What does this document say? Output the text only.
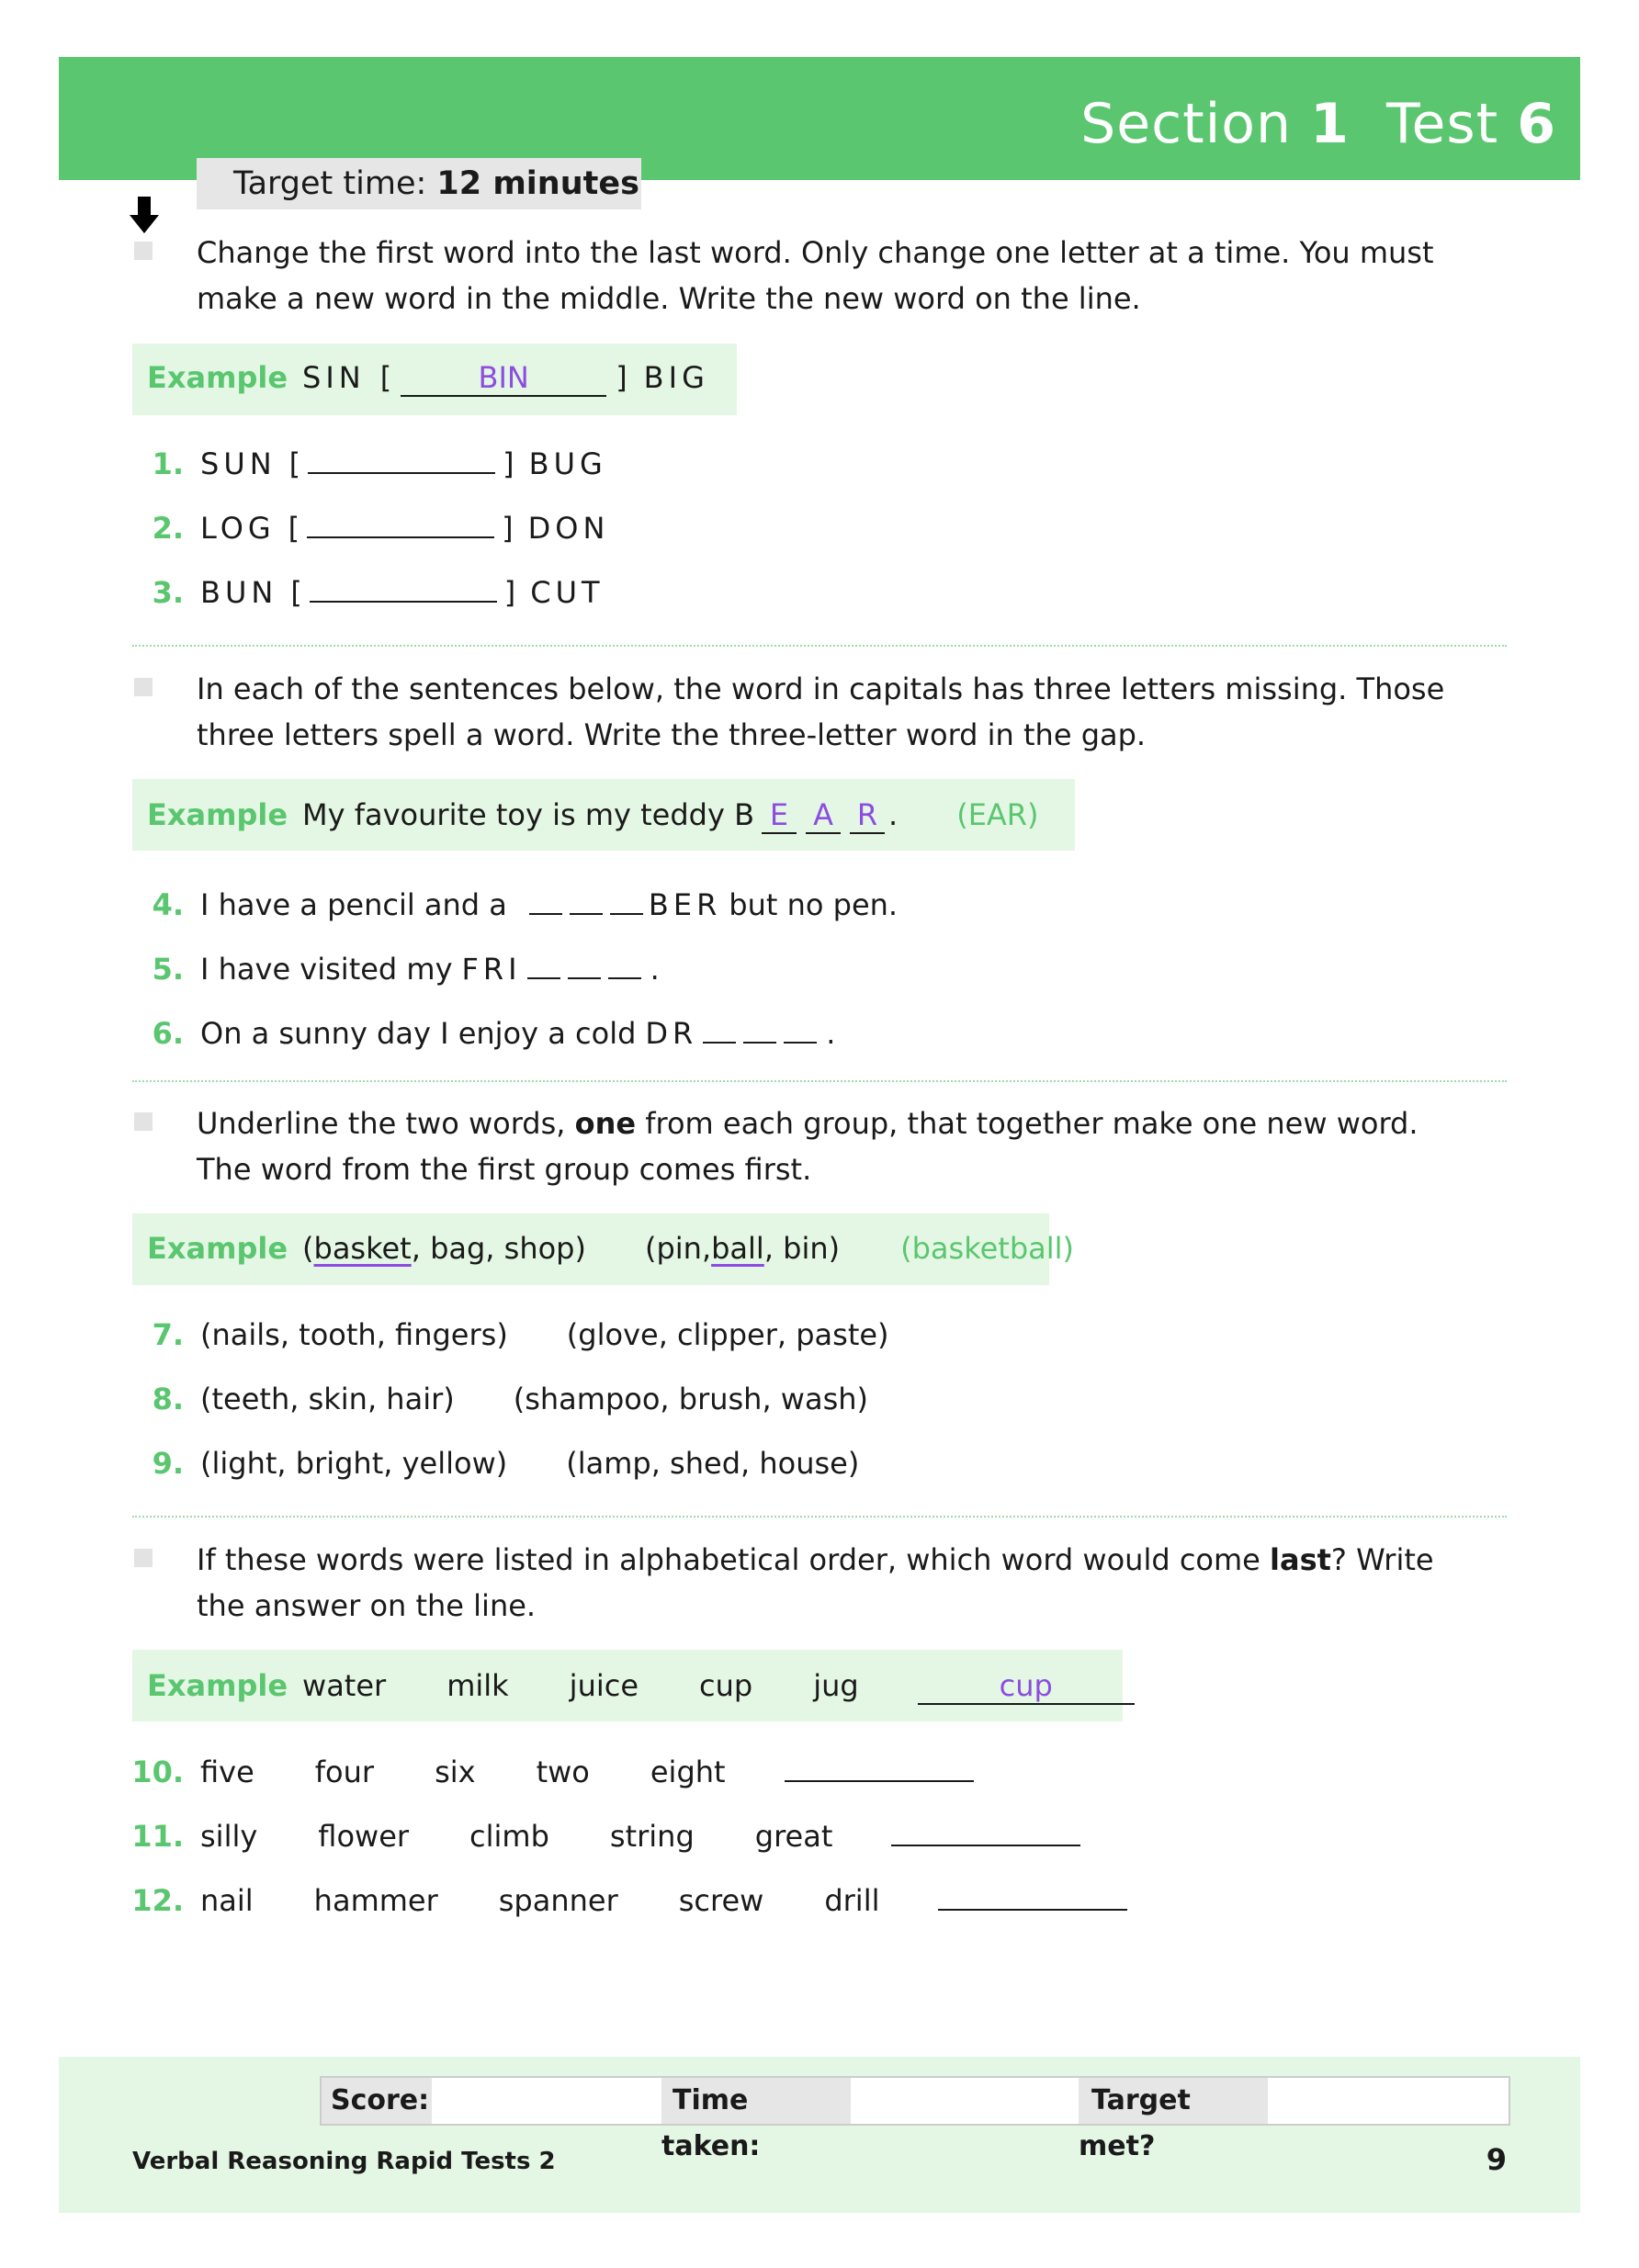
Section 1 Test 6
Target time: 12 minutes
Change the first word into the last word. Only change one letter at a time. You must make a new word in the middle. Write the new word on the line.
Example SIN [	BIN	] BIG
1. SUN [	] BUG
2. LOG [	] DON
3. BUN [	] CUT
In each of the sentences below, the word in capitals has three letters missing. Those three letters spell a word. Write the three-letter word in the gap.
Example My favourite toy is my teddy B E A R . (EAR)
4. I have a pencil and a	BER but no pen.
5. I have visited my FRI	.
6. On a sunny day I enjoy a cold DR	.
Underline the two words, one from each group, that together make one new word. The word from the first group comes first.
Example ( basket , bag, shop) (pin, ball , bin) (basketball)
7. (nails, tooth, fingers) (glove, clipper, paste)
8. (teeth, skin, hair) (shampoo, brush, wash)
9. (light, bright, yellow) (lamp, shed, house)
If these words were listed in alphabetical order, which word would come last? Write the answer on the line.
Example water milk juice cup jug	cup
10. five four six two eight
11. silly flower climb string great
12. nail hammer spanner screw drill
Score:	Time taken:
Target met?
Verbal Reasoning Rapid Tests 2	9
